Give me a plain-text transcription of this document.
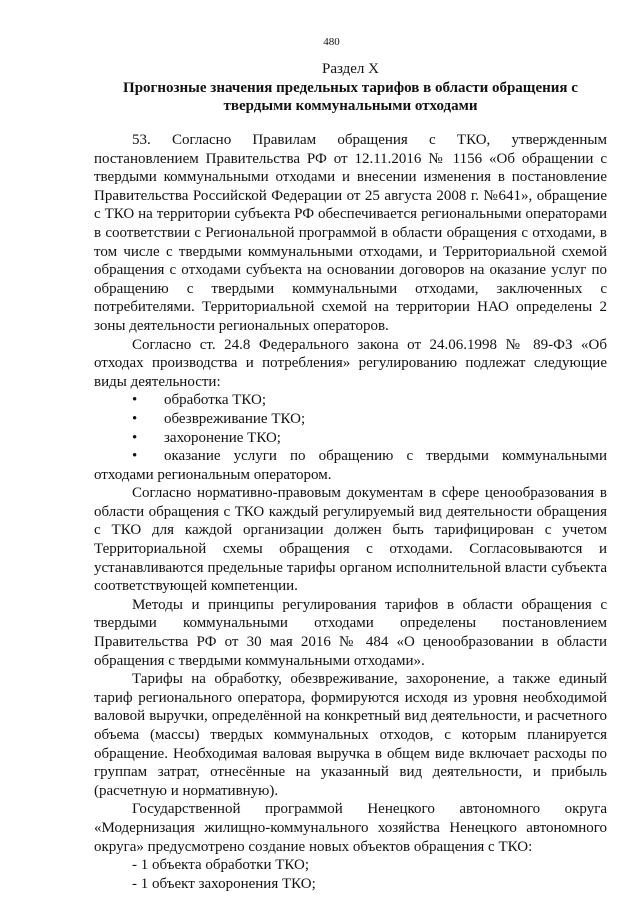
480

Раздел X

Прогнозные значения предельных тарифов в области обращения с твердыми коммунальными отходами

53. Согласно Правилам обращения с ТКО, утвержденным постановлением Правительства РФ от 12.11.2016 № 1156 «Об обращении с твердыми коммунальными отходами и внесении изменения в постановление Правительства Российской Федерации от 25 августа 2008 г. №641», обращение с ТКО на территории субъекта РФ обеспечивается региональными операторами в соответствии с Региональной программой в области обращения с отходами, в том числе с твердыми коммунальными отходами, и Территориальной схемой обращения с отходами субъекта на основании договоров на оказание услуг по обращению с твердыми коммунальными отходами, заключенных с потребителями. Территориальной схемой на территории НАО определены 2 зоны деятельности региональных операторов.

Согласно ст. 24.8 Федерального закона от 24.06.1998 № 89-ФЗ «Об отходах производства и потребления» регулированию подлежат следующие виды деятельности:

• обработка ТКО;
• обезвреживание ТКО;
• захоронение ТКО;
• оказание услуги по обращению с твердыми коммунальными отходами региональным оператором.

Согласно нормативно-правовым документам в сфере ценообразования в области обращения с ТКО каждый регулируемый вид деятельности обращения с ТКО для каждой организации должен быть тарифицирован с учетом Территориальной схемы обращения с отходами. Согласовываются и устанавливаются предельные тарифы органом исполнительной власти субъекта соответствующей компетенции.

Методы и принципы регулирования тарифов в области обращения с твердыми коммунальными отходами определены постановлением Правительства РФ от 30 мая 2016 № 484 «О ценообразовании в области обращения с твердыми коммунальными отходами».

Тарифы на обработку, обезвреживание, захоронение, а также единый тариф регионального оператора, формируются исходя из уровня необходимой валовой выручки, определённой на конкретный вид деятельности, и расчетного объема (массы) твердых коммунальных отходов, с которым планируется обращение. Необходимая валовая выручка в общем виде включает расходы по группам затрат, отнесённые на указанный вид деятельности, и прибыль (расчетную и нормативную).

Государственной программой Ненецкого автономного округа «Модернизация жилищно-коммунального хозяйства Ненецкого автономного округа» предусмотрено создание новых объектов обращения с ТКО:

- 1 объекта обработки ТКО;

- 1 объект захоронения ТКО;
